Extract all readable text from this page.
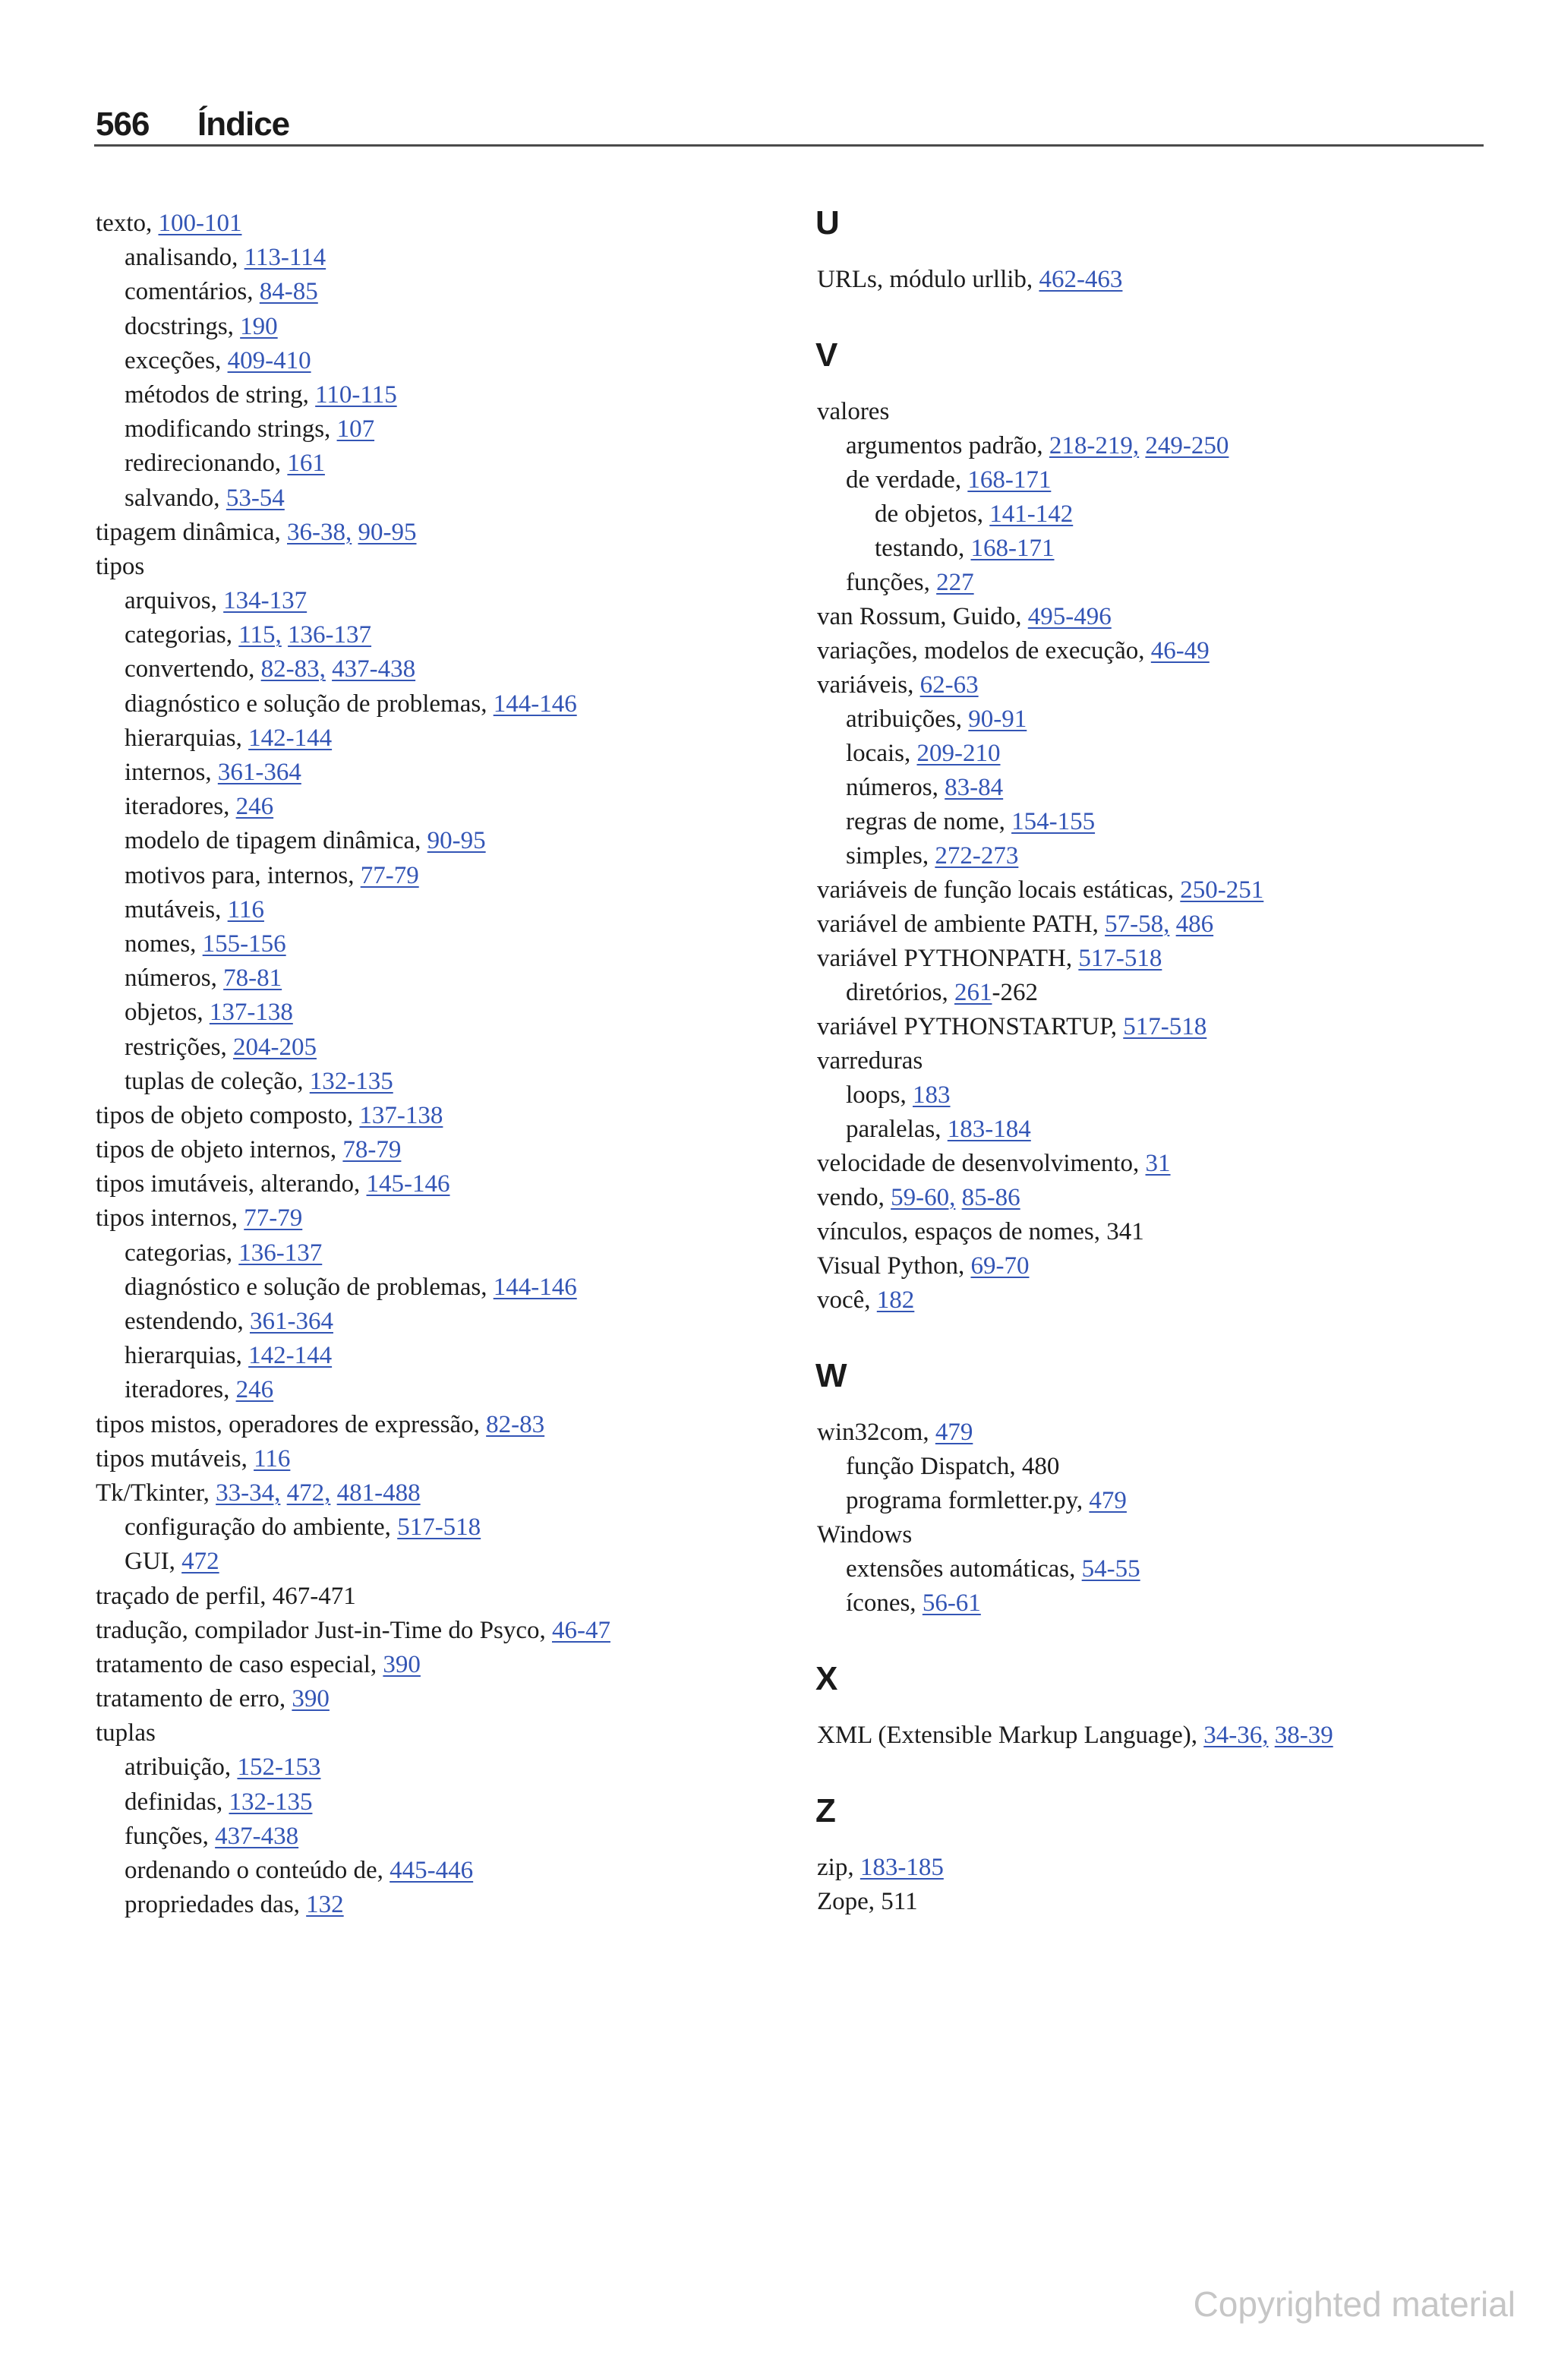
566 Índice
texto, 100-101
analisando, 113-114
comentários, 84-85
docstrings, 190
exceções, 409-410
métodos de string, 110-115
modificando strings, 107
redirecionando, 161
salvando, 53-54
tipagem dinâmica, 36-38, 90-95
tipos
arquivos, 134-137
categorias, 115, 136-137
convertendo, 82-83, 437-438
diagnóstico e solução de problemas, 144-146
hierarquias, 142-144
internos, 361-364
iteradores, 246
modelo de tipagem dinâmica, 90-95
motivos para, internos, 77-79
mutáveis, 116
nomes, 155-156
números, 78-81
objetos, 137-138
restrições, 204-205
tuplas de coleção, 132-135
tipos de objeto composto, 137-138
tipos de objeto internos, 78-79
tipos imutáveis, alterando, 145-146
tipos internos, 77-79
categorias, 136-137
diagnóstico e solução de problemas, 144-146
estendendo, 361-364
hierarquias, 142-144
iteradores, 246
tipos mistos, operadores de expressão, 82-83
tipos mutáveis, 116
Tk/Tkinter, 33-34, 472, 481-488
configuração do ambiente, 517-518
GUI, 472
traçado de perfil, 467-471
tradução, compilador Just-in-Time do Psyco, 46-47
tratamento de caso especial, 390
tratamento de erro, 390
tuplas
atribuição, 152-153
definidas, 132-135
funções, 437-438
ordenando o conteúdo de, 445-446
propriedades das, 132
U
URLs, módulo urllib, 462-463
V
valores
argumentos padrão, 218-219, 249-250
de verdade, 168-171
de objetos, 141-142
testando, 168-171
funções, 227
van Rossum, Guido, 495-496
variações, modelos de execução, 46-49
variáveis, 62-63
atribuições, 90-91
locais, 209-210
números, 83-84
regras de nome, 154-155
simples, 272-273
variáveis de função locais estáticas, 250-251
variável de ambiente PATH, 57-58, 486
variável PYTHONPATH, 517-518
diretórios, 261-262
variável PYTHONSTARTUP, 517-518
varreduras
loops, 183
paralelas, 183-184
velocidade de desenvolvimento, 31
vendo, 59-60, 85-86
vínculos, espaços de nomes, 341
Visual Python, 69-70
você, 182
W
win32com, 479
função Dispatch, 480
programa formletter.py, 479
Windows
extensões automáticas, 54-55
ícones, 56-61
X
XML (Extensible Markup Language), 34-36, 38-39
Z
zip, 183-185
Zope, 511
Copyrighted material
